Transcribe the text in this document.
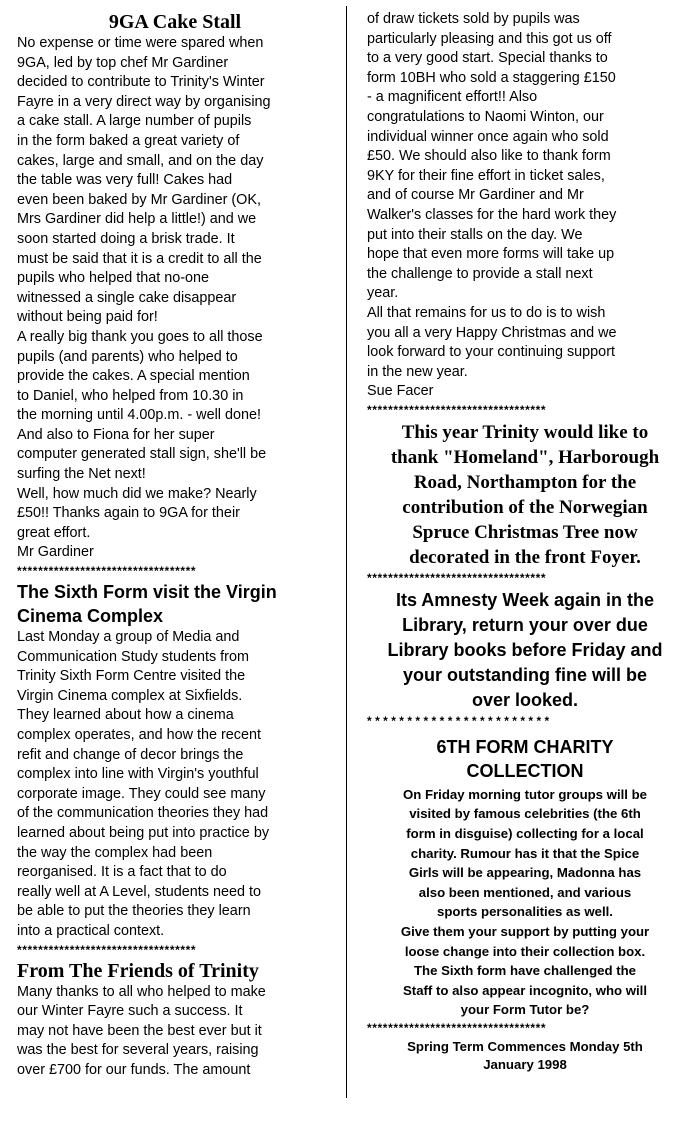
9GA Cake Stall

No expense or time were spared when
9GA, led by top chef Mr Gardiner
decided to contribute to Trinity's Winter
Fayre in a very direct way by organising
a cake stall. A large number of pupils
in the form baked a great variety of
cakes, large and small, and on the day
the table was very full! Cakes had
even been baked by Mr Gardiner (OK,
Mrs Gardiner did help a little!) and we
soon started doing a brisk trade. It
must be said that it is a credit to all the
pupils who helped that no-one
witnessed a single cake disappear
without being paid for!

A really big thank you goes to all those
pupils (and parents) who helped to
provide the cakes. A special mention
to Daniel, who helped from 10.30 in
the morning until 4.00p.m. - well done!
And also to Fiona for her super
computer generated stall sign, she'll be
surfing the Net next!

Well, how much did we make? Nearly
£50!! Thanks again to 9GA for their
great effort.

Mr Gardiner

**********************************
The Sixth Form visit the Virgin Cinema Complex

Last Monday a group of Media and
Communication Study students from
Trinity Sixth Form Centre visited the
Virgin Cinema complex at Sixfields.
They learned about how a cinema
complex operates, and how the recent
refit and change of decor brings the
complex into line with Virgin's youthful
corporate image. They could see many
of the communication theories they had
learned about being put into practice by
the way the complex had been
reorganised. It is a fact that to do
really well at A Level, students need to
be able to put the theories they learn
into a practical context.

**********************************
From The Friends of Trinity

Many thanks to all who helped to make
our Winter Fayre such a success. It
may not have been the best ever but it
was the best for several years, raising
over £700 for our funds. The amount

of draw tickets sold by pupils was
particularly pleasing and this got us off
to a very good start. Special thanks to
form 10BH who sold a staggering £150
- a magnificent effort!! Also
congratulations to Naomi Winton, our
individual winner once again who sold
£50. We should also like to thank form
9KY for their fine effort in ticket sales,
and of course Mr Gardiner and Mr
Walker's classes for the hard work they
put into their stalls on the day. We
hope that even more forms will take up
the challenge to provide a stall next
year.

All that remains for us to do is to wish
you all a very Happy Christmas and we
look forward to your continuing support
in the new year.

Sue Facer

**********************************

This year Trinity would like to
thank "Homeland", Harborough
Road, Northampton for the
contribution of the Norwegian
Spruce Christmas Tree now
decorated in the front Foyer.

**********************************

Its Amnesty Week again in the
Library, return your over due
Library books before Friday and
your outstanding fine will be
over looked.

***********************
6TH FORM CHARITY
COLLECTION

On Friday morning tutor groups will be
visited by famous celebrities (the 6th
form in disguise) collecting for a local
charity. Rumour has it that the Spice
Girls will be appearing, Madonna has
also been mentioned, and various
sports personalities as well.

Give them your support by putting your
loose change into their collection box.
The Sixth form have challenged the
Staff to also appear incognito, who will
your Form Tutor be?

**********************************

Spring Term Commences Monday 5th
January 1998
